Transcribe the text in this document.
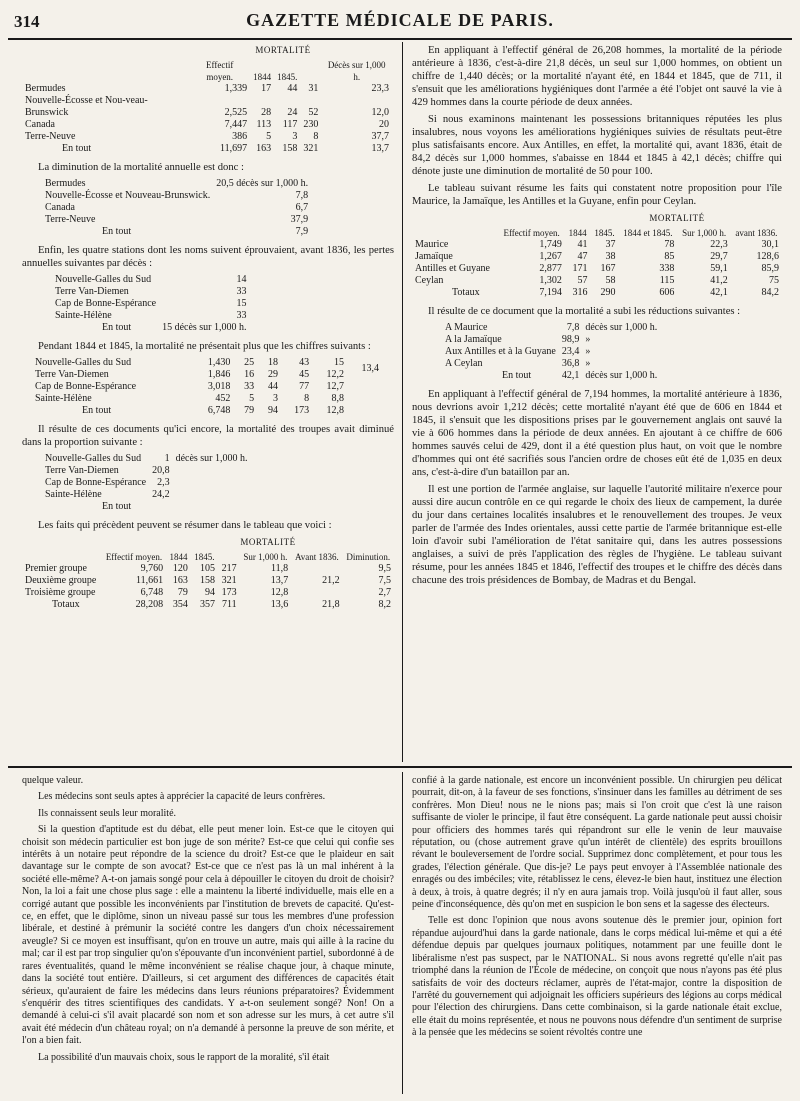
314	GAZETTE MÉDICALE DE PARIS.
MORTALITÉ
	Effectif moyen.	1844	1845.		Décès sur 1,000 h.
Bermudes	1,339	17	44	31	23,3
Nouvelle-Écosse et Nou-veau-Brunswick	2,525	28	24	52	12,0
Canada	7,447	113	117	230	20
Terre-Neuve	386	5	3	8	37,7
En tout	11,697	163	158	321	13,7

La diminution de la mortalité annuelle est donc :

Bermudes	20,5 décès sur 1,000 h.
Nouvelle-Écosse et Nouveau-Brunswick.	7,8
Canada	6,7
Terre-Neuve	37,9
En tout	7,9

Enfin, les quatre stations dont les noms suivent éprouvaient, avant 1836, les pertes annuelles suivantes par décès :

Nouvelle-Galles du Sud	14
Terre Van-Diemen	33
Cap de Bonne-Espérance	15
Sainte-Hélène	33
En tout	15 décès sur 1,000 h.

Pendant 1844 et 1845, la mortalité ne présentait plus que les chiffres suivants :

Nouvelle-Galles du Sud	1,430	25	18	43	15	13,4
Terre Van-Diemen	1,846	16	29	45	12,2	
Cap de Bonne-Espérance	3,018	33	44	77	12,7	
Sainte-Hélène	452	5	3	8	8,8	
En tout	6,748	79	94	173	12,8	

Il résulte de ces documents qu'ici encore, la mortalité des troupes avait diminué dans la proportion suivante :

Nouvelle-Galles du Sud	1	décès sur 1,000 h.
Terre Van-Diemen	20,8	
Cap de Bonne-Espérance	2,3	
Sainte-Hélène	24,2	
En tout		

Les faits qui précèdent peuvent se résumer dans le tableau que voici :

MORTALITÉ
	Effectif moyen.	1844	1845.		Sur 1,000 h.	Avant 1836.	Diminution.
Premier groupe	9,760	120	105	217	11,8		9,5
Deuxième groupe	11,661	163	158	321	13,7	21,2	7,5
Troisième groupe	6,748	79	94	173	12,8		2,7
Totaux	28,208	354	357	711	13,6	21,8	8,2

En appliquant à l'effectif général de 26,208 hommes, la mortalité de la période antérieure à 1836, c'est-à-dire 21,8 décès, un seul sur 1,000 hommes, on obtient un chiffre de 1,440 décès; or la mortalité n'ayant été, en 1844 et 1845, que de 711, il s'ensuit que les améliorations hygiéniques dont l'armée a été l'objet ont sauvé la vie à 429 hommes dans la courte période de deux années.

Si nous examinons maintenant les possessions britanniques réputées les plus insalubres, nous voyons les améliorations hygiéniques suivies de résultats peut-être plus satisfaisants encore. Aux Antilles, en effet, la mortalité qui, avant 1836, était de 84,2 décès sur 1,000 hommes, s'abaisse en 1844 et 1845 à 42,1 décès; chiffre qui dénote juste une diminution de mortalité de 50 pour 100.

Le tableau suivant résume les faits qui constatent notre proposition pour l'île Maurice, la Jamaïque, les Antilles et la Guyane, enfin pour Ceylan.

MORTALITÉ
	Effectif moyen.	1844	1845.	1844 et 1845.	Sur 1,000 h.	avant 1836.
Maurice	1,749	41	37	78	22,3	30,1
Jamaïque	1,267	47	38	85	29,7	128,6
Antilles et Guyane	2,877	171	167	338	59,1	85,9
Ceylan	1,302	57	58	115	41,2	75
Totaux	7,194	316	290	606	42,1	84,2

Il résulte de ce document que la mortalité a subi les réductions suivantes :

A Maurice	7,8	décès sur 1,000 h.
A la Jamaïque	98,9	»
Aux Antilles et à la Guyane	23,4	»
A Ceylan	36,8	»
En tout	42,1	décès sur 1,000 h.

En appliquant à l'effectif général de 7,194 hommes, la mortalité antérieure à 1836, nous devrions avoir 1,212 décès; cette mortalité n'ayant été que de 606 en 1844 et 1845, il s'ensuit que les dispositions prises par le gouvernement anglais ont sauvé la vie à 606 hommes dans la période de deux années. En ajoutant à ce chiffre de 606 hommes sauvés celui de 429, dont il a été question plus haut, on voit que le nombre d'hommes qui ont été sacrifiés sous l'ancien ordre de choses eût été de 1,035 en deux ans, c'est-à-dire d'un bataillon par an.

Il est une portion de l'armée anglaise, sur laquelle l'autorité militaire n'exerce pour aussi dire aucun contrôle en ce qui regarde le choix des lieux de campement, la durée du jour dans certaines localités insalubres et le renouvellement des troupes. Je veux parler de l'armée des Indes orientales, aussi cette partie de l'armée britannique est-elle loin d'avoir subi l'amélioration de l'état sanitaire qui, dans les autres possessions anglaises, a suivi de près l'application des règles de l'hygiène. Le tableau suivant résume, pour les années 1845 et 1846, l'effectif des troupes et le chiffre des décès dans chacune des trois présidences de Bombay, de Madras et du Bengal.

quelque valeur.

Les médecins sont seuls aptes à apprécier la capacité de leurs confrères.

Ils connaissent seuls leur moralité.

Si la question d'aptitude est du débat, elle peut mener loin. Est-ce que le citoyen qui choisit son médecin particulier est bon juge de son mérite? Est-ce que celui qui confie ses intérêts à un notaire peut répondre de la science du droit? Est-ce que le plaideur en sait davantage sur le compte de son avocat? Est-ce que ce n'est pas là un mal inhérent à la société elle-même? A-t-on jamais songé pour cela à dépouiller le citoyen du droit de choisir? Non, la loi a fait une chose plus sage : elle a maintenu la liberté individuelle, mais elle en a corrigé autant que possible les inconvénients par l'institution de brevets de capacité. Qu'est-ce, en effet, que le diplôme, sinon un niveau passé sur tous les membres d'une profession libérale, et destiné à prémunir la société contre les dangers d'un choix nécessairement aveugle? Si ce moyen est insuffisant, qu'on en trouve un autre, mais qui aille à la racine du mal; car il est par trop singulier qu'on s'épouvante d'un inconvénient partiel, subordonné à de rares éventualités, quand le même inconvénient se réalise chaque jour, à chaque minute, dans la société tout entière. D'ailleurs, si cet argument des différences de capacités était sérieux, qu'auraient de faire les médecins dans leurs réunions préparatoires? Évidemment s'enquérir des titres scientifiques des candidats. Y a-t-on seulement songé? Non! On a demandé à celui-ci s'il avait placardé son nom et son adresse sur les murs, à cet autre s'il avait été médecin d'un château royal; on n'a demandé à personne la preuve de son mérite, et l'on a bien fait.

La possibilité d'un mauvais choix, sous le rapport de la moralité, s'il était

confié à la garde nationale, est encore un inconvénient possible. Un chirurgien peu délicat pourrait, dit-on, à la faveur de ses fonctions, s'insinuer dans les familles au détriment de ses confrères. Mon Dieu! nous ne le nions pas; mais si l'on croit que c'est là une raison suffisante de violer le principe, il faut être conséquent. La garde nationale peut aussi choisir pour officiers des hommes tarés qui répandront sur elle le venin de leur mauvaise réputation, ou (chose autrement grave qu'un intérêt de clientèle) des esprits brouillons révant le bouleversement de l'ordre social. Supprimez donc complètement, et pour tous les grades, l'élection générale. Que dis-je? Le pays peut envoyer à l'Assemblée nationale des enragés ou des imbéciles; vite, rétablissez le cens, élevez-le bien haut, instituez une élection à deux, à trois, à quatre degrés; il n'y en aura jamais trop. Voilà jusqu'où il faut aller, sous peine d'inconséquence, dès qu'on met en suspicion le bon sens et la sagesse des électeurs.

Telle est donc l'opinion que nous avons soutenue dès le premier jour, opinion fort répandue aujourd'hui dans la garde nationale, dans le corps médical lui-même et qui a été défendue depuis par quelques journaux politiques, notamment par une feuille dont le libéralisme n'est pas suspect, par le NATIONAL. Si nous avons regretté qu'elle n'ait pas triomphé dans la réunion de l'École de médecine, on conçoit que nous n'ayons pas été plus satisfaits de voir des docteurs réclamer, auprès de l'état-major, contre la disposition de l'arrêté du gouvernement qui adjoignait les officiers supérieurs des légions au corps médical pour l'élection des chirurgiens. Dans cette combinaison, si la garde nationale était exclue, elle était du moins représentée, et nous ne pouvons nous défendre d'un sentiment de surprise à la pensée que les médecins se soient révoltés contre une
